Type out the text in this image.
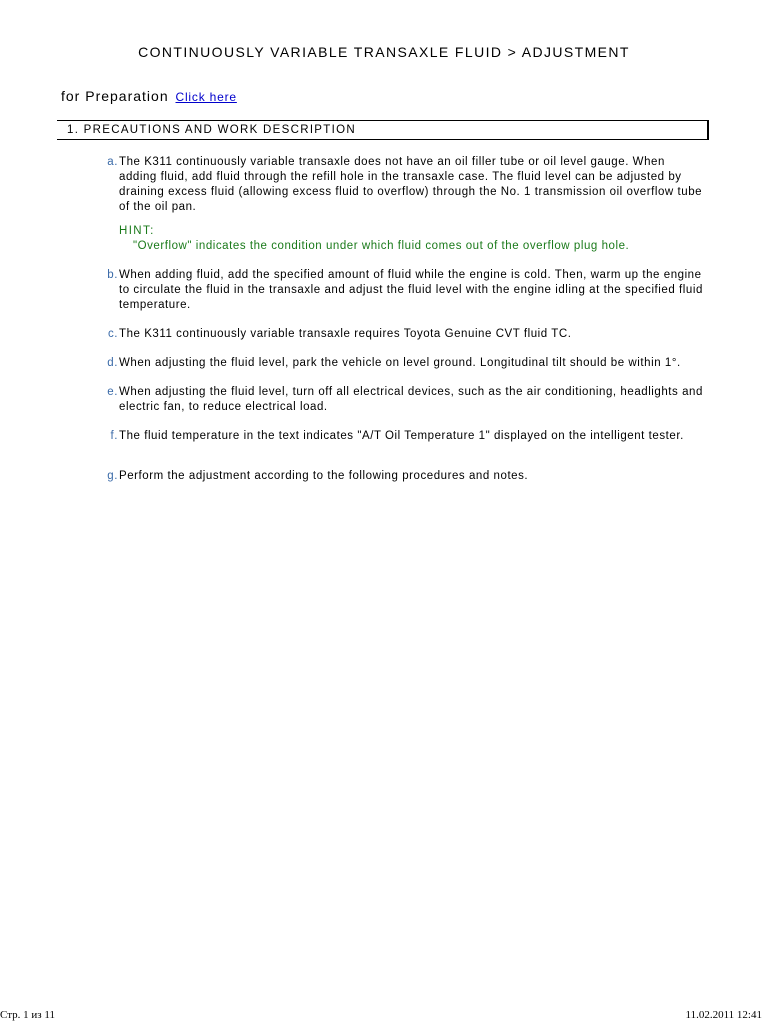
CONTINUOUSLY VARIABLE TRANSAXLE FLUID > ADJUSTMENT
for Preparation Click here
1. PRECAUTIONS AND WORK DESCRIPTION
a. The K311 continuously variable transaxle does not have an oil filler tube or oil level gauge. When adding fluid, add fluid through the refill hole in the transaxle case. The fluid level can be adjusted by draining excess fluid (allowing excess fluid to overflow) through the No. 1 transmission oil overflow tube of the oil pan.
HINT:
"Overflow" indicates the condition under which fluid comes out of the overflow plug hole.
b. When adding fluid, add the specified amount of fluid while the engine is cold. Then, warm up the engine to circulate the fluid in the transaxle and adjust the fluid level with the engine idling at the specified fluid temperature.
c. The K311 continuously variable transaxle requires Toyota Genuine CVT fluid TC.
d. When adjusting the fluid level, park the vehicle on level ground. Longitudinal tilt should be within 1°.
e. When adjusting the fluid level, turn off all electrical devices, such as the air conditioning, headlights and electric fan, to reduce electrical load.
f. The fluid temperature in the text indicates "A/T Oil Temperature 1" displayed on the intelligent tester.
g. Perform the adjustment according to the following procedures and notes.
Стр. 1 из 11	11.02.2011 12:41
